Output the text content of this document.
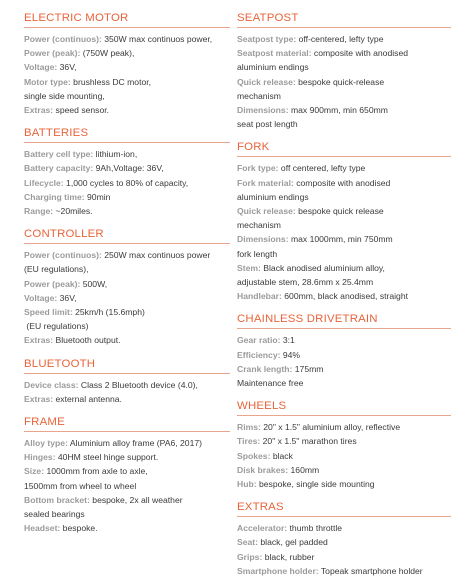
ELECTRIC MOTOR

Power (continuos): 350W max continuos power,

Power (peak): (750W peak),

Voltage: 36V,

Motor type: brushless DC motor,

single side mounting,

Extras: speed sensor.

BATTERIES

Battery cell type: lithium-ion,

Battery capacity: 9Ah,Voltage: 36V,

Lifecycle: 1,000 cycles to 80% of capacity,

Charging time: 90min

Range: ~20miles.

CONTROLLER

Power (continuos): 250W max continuos power

(EU regulations),

Power (peak): 500W,

Voltage: 36V,

Speed limit: 25km/h (15.6mph)

(EU regulations)

Extras: Bluetooth output.

BLUETOOTH

Device class: Class 2 Bluetooth device (4.0),

Extras: external antenna.

FRAME

Alloy type: Aluminium alloy frame (PA6, 2017)

Hinges: 40HM steel hinge support.

Size: 1000mm from axle to axle,

1500mm from wheel to wheel

Bottom bracket: bespoke, 2x all weather

sealed bearings

Headset: bespoke.

SEATPOST

Seatpost type: off-centered, lefty type

Seatpost material: composite with anodised

aluminium endings

Quick release: bespoke quick-release

mechanism

Dimensions: max 900mm, min 650mm

seat post length

FORK

Fork type: off centered, lefty type

Fork material: composite with anodised

aluminium endings

Quick release: bespoke quick release

mechanism

Dimensions: max 1000mm, min 750mm

fork length

Stem: Black anodised aluminium alloy,

adjustable stem, 28.6mm x 25.4mm

Handlebar: 600mm, black anodised, straight

CHAINLESS DRIVETRAIN

Gear ratio: 3:1

Efficiency: 94%

Crank length: 175mm

Maintenance free

WHEELS

Rims: 20" x 1.5" aluminium alloy, reflective

Tires: 20" x 1.5" marathon tires

Spokes: black

Disk brakes: 160mm

Hub: bespoke, single side mounting

EXTRAS

Accelerator: thumb throttle

Seat: black, gel padded

Grips: black, rubber

Smartphone holder: Topeak smartphone holder
